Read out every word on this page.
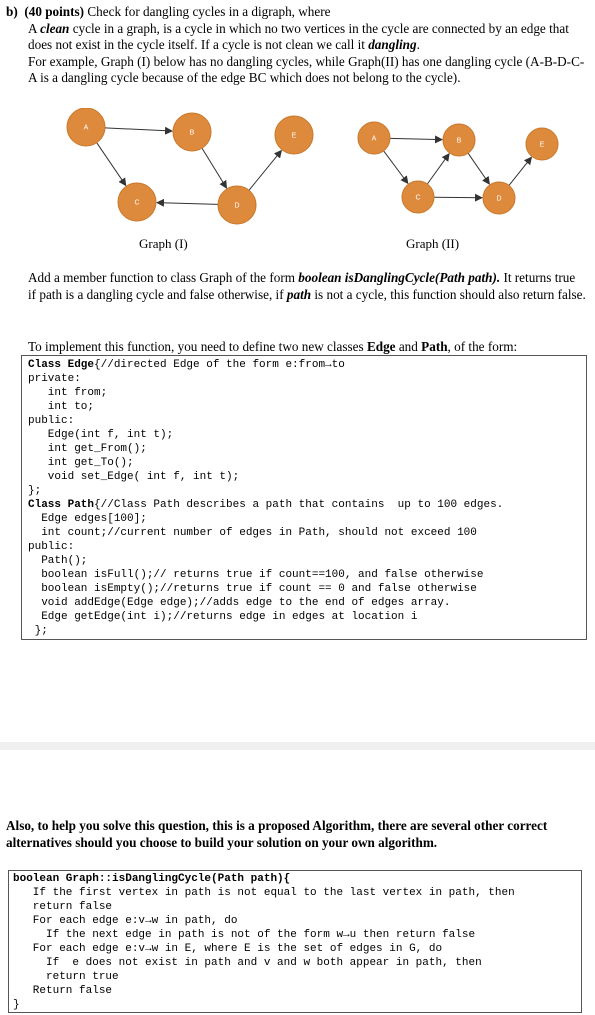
b) (40 points) Check for dangling cycles in a digraph, where
A clean cycle in a graph, is a cycle in which no two vertices in the cycle are connected by an edge that does not exist in the cycle itself. If a cycle is not clean we call it dangling.
For example, Graph (I) below has no dangling cycles, while Graph(II) has one dangling cycle (A-B-D-C-A is a dangling cycle because of the edge BC which does not belong to the cycle).
A
B
C	D
E	A	B
C	D
E
Graph (I)	Graph (II)
Add a member function to class Graph of the form boolean isDanglingCycle(Path path). It returns true if path is a dangling cycle and false otherwise, if path is not a cycle, this function should also return false.
To implement this function, you need to define two new classes Edge and Path, of the form:
Class Edge{//directed Edge of the form e:from→to
private:
int from;
int to;
public:
Edge(int f, int t);
int get_From();
int get_To();
void set_Edge( int f, int t);
};
Class Path{//Class Path describes a path that contains  up to 100 edges.
Edge edges[100];
int count;//current number of edges in Path, should not exceed 100
public:
Path();
boolean isFull();// returns true if count==100, and false otherwise
boolean isEmpty();//returns true if count == 0 and false otherwise
void addEdge(Edge edge);//adds edge to the end of edges array.
Edge getEdge(int i);//returns edge in edges at location i
};
Also, to help you solve this question, this is a proposed Algorithm, there are several other correct alternatives should you choose to build your solution on your own algorithm.
boolean Graph::isDanglingCycle(Path path){
If the first vertex in path is not equal to the last vertex in path, then
return false
For each edge e:v→w in path, do
If the next edge in path is not of the form w→u then return false
For each edge e:v→w in E, where E is the set of edges in G, do
If  e does not exist in path and v and w both appear in path, then
return true
Return false
}
